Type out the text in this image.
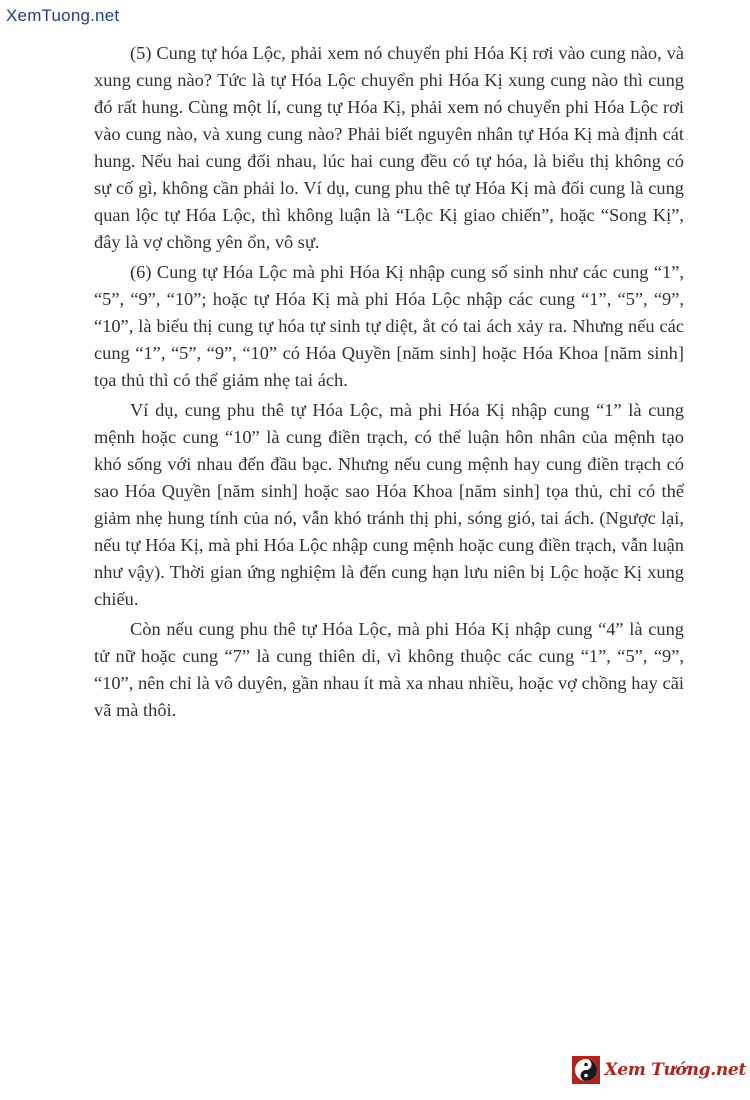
XemTuong.net

(5) Cung tự hóa Lộc, phải xem nó chuyển phi Hóa Kị rơi vào cung nào, và xung cung nào? Tức là tự Hóa Lộc chuyển phi Hóa Kị xung cung nào thì cung đó rất hung. Cùng một lí, cung tự Hóa Kị, phải xem nó chuyển phi Hóa Lộc rơi vào cung nào, và xung cung nào? Phải biết nguyên nhân tự Hóa Kị mà định cát hung. Nếu hai cung đối nhau, lúc hai cung đều có tự hóa, là biểu thị không có sự cố gì, không cần phải lo. Ví dụ, cung phu thê tự Hóa Kị mà đối cung là cung quan lộc tự Hóa Lộc, thì không luận là “Lộc Kị giao chiến”, hoặc “Song Kị”, đây là vợ chồng yên ổn, vô sự.

(6) Cung tự Hóa Lộc mà phi Hóa Kị nhập cung số sinh như các cung “1”, “5”, “9”, “10”; hoặc tự Hóa Kị mà phi Hóa Lộc nhập các cung “1”, “5”, “9”, “10”, là biểu thị cung tự hóa tự sinh tự diệt, ắt có tai ách xảy ra. Nhưng nếu các cung “1”, “5”, “9”, “10” có Hóa Quyền [năm sinh] hoặc Hóa Khoa [năm sinh] tọa thủ thì có thể giảm nhẹ tai ách.

Ví dụ, cung phu thê tự Hóa Lộc, mà phi Hóa Kị nhập cung “1” là cung mệnh hoặc cung “10” là cung điền trạch, có thể luận hôn nhân của mệnh tạo khó sống với nhau đến đầu bạc. Nhưng nếu cung mệnh hay cung điền trạch có sao Hóa Quyền [năm sinh] hoặc sao Hóa Khoa [năm sinh] tọa thủ, chỉ có thể giảm nhẹ hung tính của nó, vẫn khó tránh thị phi, sóng gió, tai ách. (Ngược lại, nếu tự Hóa Kị, mà phi Hóa Lộc nhập cung mệnh hoặc cung điền trạch, vẫn luận như vậy). Thời gian ứng nghiệm là đến cung hạn lưu niên bị Lộc hoặc Kị xung chiếu.

Còn nếu cung phu thê tự Hóa Lộc, mà phi Hóa Kị nhập cung “4” là cung tử nữ hoặc cung “7” là cung thiên di, vì không thuộc các cung “1”, “5”, “9”, “10”, nên chỉ là vô duyên, gần nhau ít mà xa nhau nhiều, hoặc vợ chồng hay cãi vã mà thôi.

Xem Tướng.net
